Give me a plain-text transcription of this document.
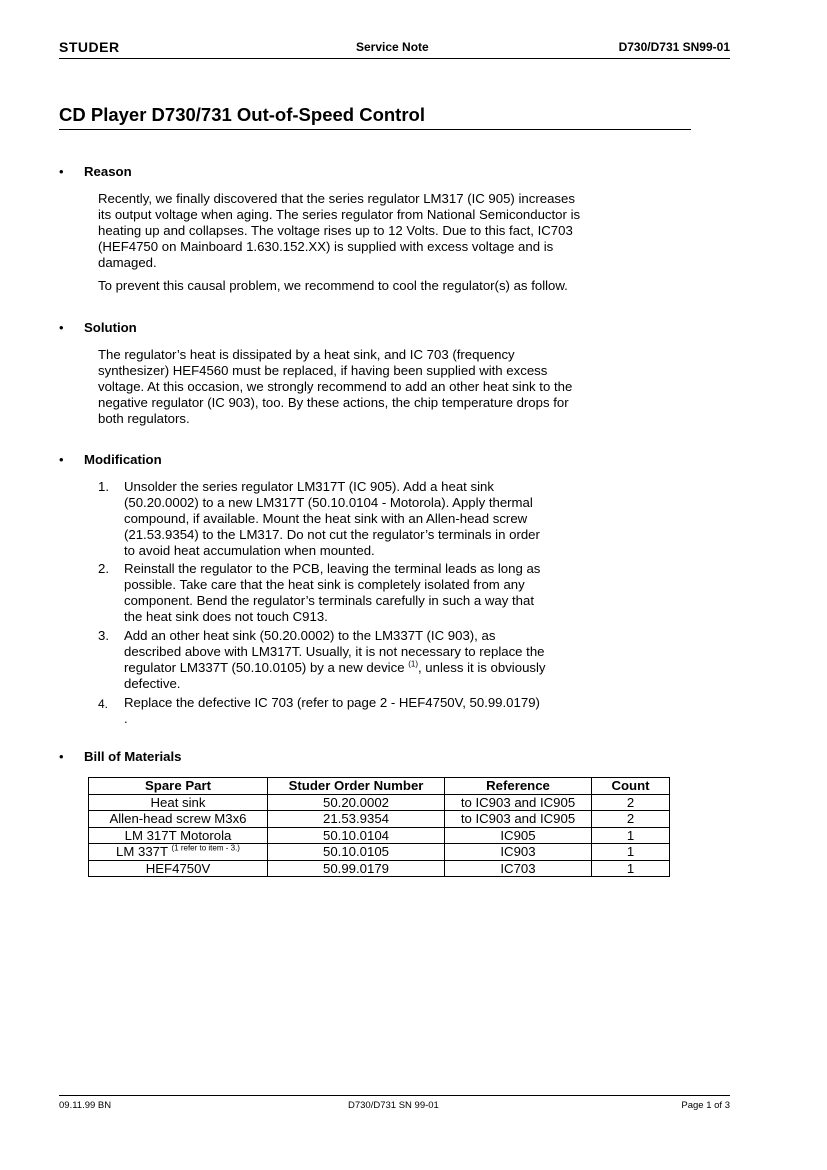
STUDER	Service Note	D730/D731 SN99-01
CD Player D730/731 Out-of-Speed Control
• Reason
Recently, we finally discovered that the series regulator LM317 (IC 905) increases
its output voltage when aging. The series regulator from National Semiconductor is
heating up and collapses. The voltage rises up to 12 Volts. Due to this fact, IC703
(HEF4750 on Mainboard 1.630.152.XX) is supplied with excess voltage and is
damaged.
To prevent this causal problem, we recommend to cool the regulator(s) as follow.
• Solution
The regulator’s heat is dissipated by a heat sink, and IC 703 (frequency
synthesizer) HEF4560 must be replaced, if having been supplied with excess
voltage. At this occasion, we strongly recommend to add an other heat sink to the
negative regulator (IC 903), too. By these actions, the chip temperature drops for
both regulators.
• Modification
1. Unsolder the series regulator LM317T (IC 905). Add a heat sink
(50.20.0002) to a new LM317T (50.10.0104 - Motorola). Apply thermal
compound, if available. Mount the heat sink with an Allen-head screw
(21.53.9354) to the LM317. Do not cut the regulator’s terminals in order
to avoid heat accumulation when mounted.
2. Reinstall the regulator to the PCB, leaving the terminal leads as long as
possible. Take care that the heat sink is completely isolated from any
component. Bend the regulator’s terminals carefully in such a way that
the heat sink does not touch C913.
3. Add an other heat sink (50.20.0002) to the LM337T (IC 903), as
described above with LM317T. Usually, it is not necessary to replace the
regulator LM337T (50.10.0105) by a new device $^{(1)}$, unless it is obviously
defective.
4. Replace the defective IC 703 (refer to page 2 - HEF4750V, 50.99.0179)
.
• Bill of Materials
Spare Part	Studer Order Number	Reference	Count
Heat sink	50.20.0002	to IC903 and IC905	2
Allen-head screw M3x6	21.53.9354	to IC903 and IC905	2
LM 317T Motorola	50.10.0104	IC905	1
LM 337T $^{(1 refer to item - 3.)}$	50.10.0105	IC903	1
HEF4750V	50.99.0179	IC703	1
09.11.99 BN	D730/D731 SN 99-01	Page 1 of 3
